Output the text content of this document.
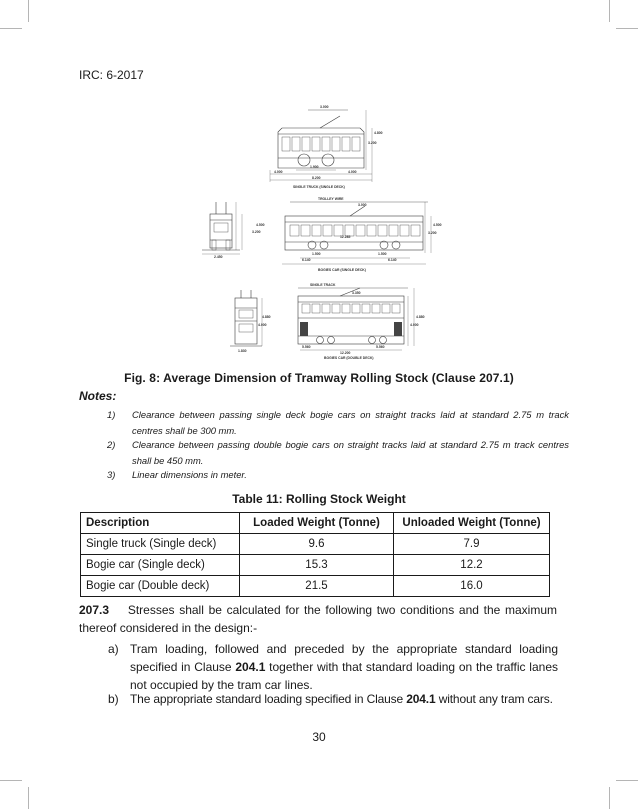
IRC: 6-2017
3.000
4.800
3.200
1.900
4.000	4.000
8.200
SINGLE TRUCK (SINGLE DECK)
TROLLEY WIRE
3.000
4.500
3.200
4.500
3.200
12.285
1.500	1.500
6.140	6.140
2.450
BOGIES CAR (SINGLE DECK)
SINGLE TRACK
3.350
4.880
4.000
4.880
4.000
1.830
5.560	5.560
12.200
BOGIES CAR (DOUBLE DECK)
Fig. 8: Average Dimension of Tramway Rolling Stock (Clause 207.1)
Notes:
1) Clearance between passing single deck bogie cars on straight tracks laid at standard 2.75 m track centres shall be 300 mm.
2) Clearance between passing double bogie cars on straight tracks laid at standard 2.75 m track centres shall be 450 mm.
3) Linear dimensions in meter.
Table 11: Rolling Stock Weight
Description	Loaded Weight (Tonne)	Unloaded Weight (Tonne)
Single truck (Single deck)	9.6	7.9
Bogie car (Single deck)	15.3	12.2
Bogie car (Double deck)	21.5	16.0
207.3 Stresses shall be calculated for the following two conditions and the maximum thereof considered in the design:-
a) Tram loading, followed and preceded by the appropriate standard loading specified in Clause 204.1 together with that standard loading on the traffic lanes not occupied by the tram car lines.
b) The appropriate standard loading specified in Clause 204.1 without any tram cars.
30
